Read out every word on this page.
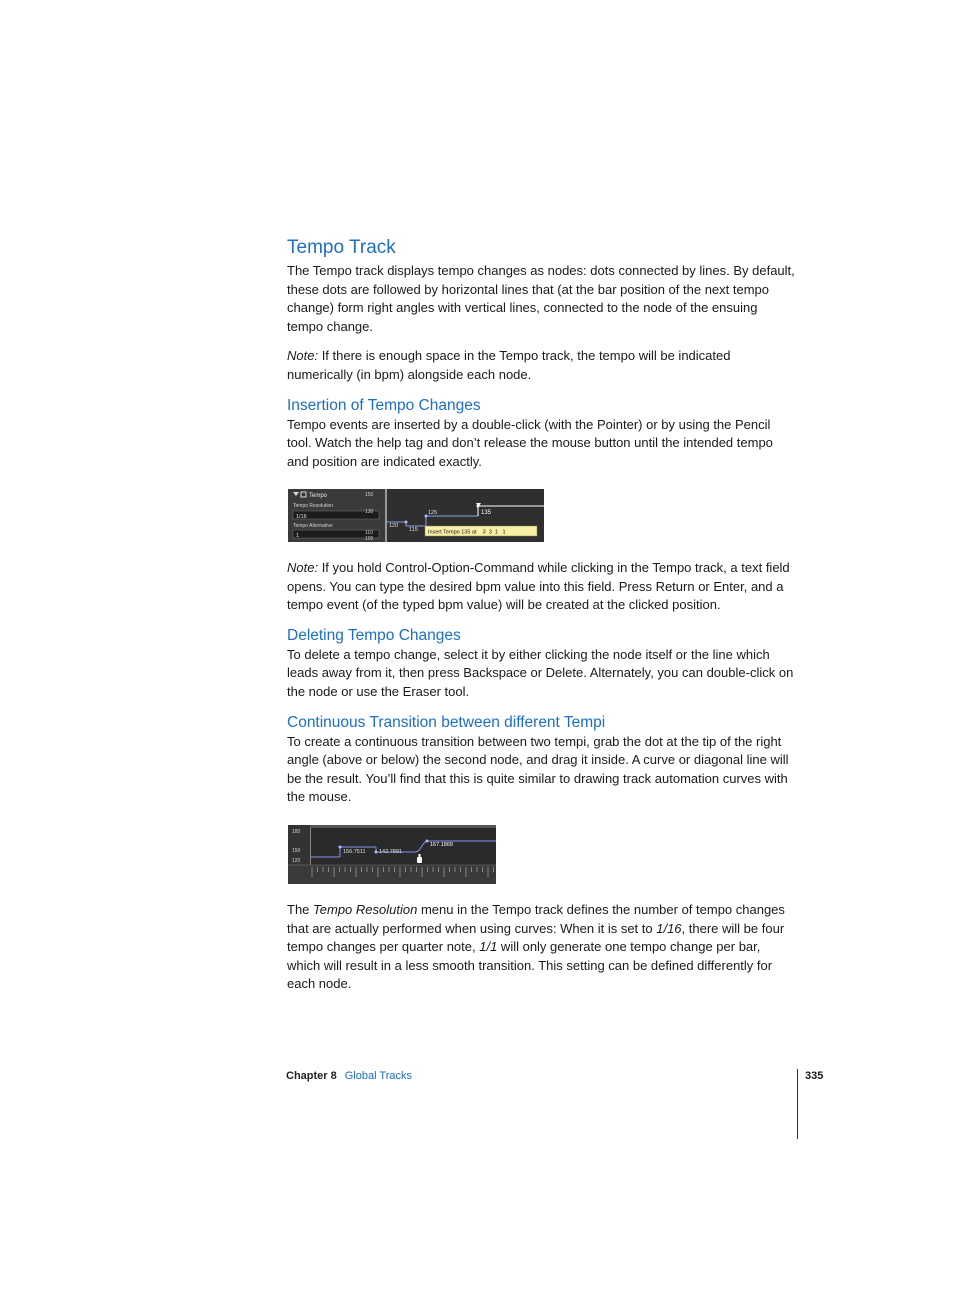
Tempo Track

The Tempo track displays tempo changes as nodes: dots connected by lines. By default, these dots are followed by horizontal lines that (at the bar position of the next tempo change) form right angles with vertical lines, connected to the node of the ensuing tempo change.

Note: If there is enough space in the Tempo track, the tempo will be indicated numerically (in bpm) alongside each node.

Insertion of Tempo Changes

Tempo events are inserted by a double-click (with the Pointer) or by using the Pencil tool. Watch the help tag and don’t release the mouse button until the intended tempo and position are indicated exactly.

Tempo
Tempo Resolution
1/16
Tempo Alternative
1
150
130
110
100
120
115
125	135
Insert Tempo 135 at    3  3  1   1

Note: If you hold Control-Option-Command while clicking in the Tempo track, a text field opens. You can type the desired bpm value into this field. Press Return or Enter, and a tempo event (of the typed bpm value) will be created at the clicked position.

Deleting Tempo Changes

To delete a tempo change, select it by either clicking the node itself or the line which leads away from it, then press Backspace or Delete. Alternately, you can double-click on the node or use the Eraser tool.

Continuous Transition between different Tempi

To create a continuous transition between two tempi, grab the dot at the tip of the right angle (above or below) the second node, and drag it inside. A curve or diagonal line will be the result. You’ll find that this is quite similar to drawing track automation curves with the mouse.

180
150
120
156.7511 142.7891
167.1869

The Tempo Resolution menu in the Tempo track defines the number of tempo changes that are actually performed when using curves: When it is set to 1/16, there will be four tempo changes per quarter note, 1/1 will only generate one tempo change per bar, which will result in a less smooth transition. This setting can be defined differently for each node.

Chapter 8 Global Tracks	335
